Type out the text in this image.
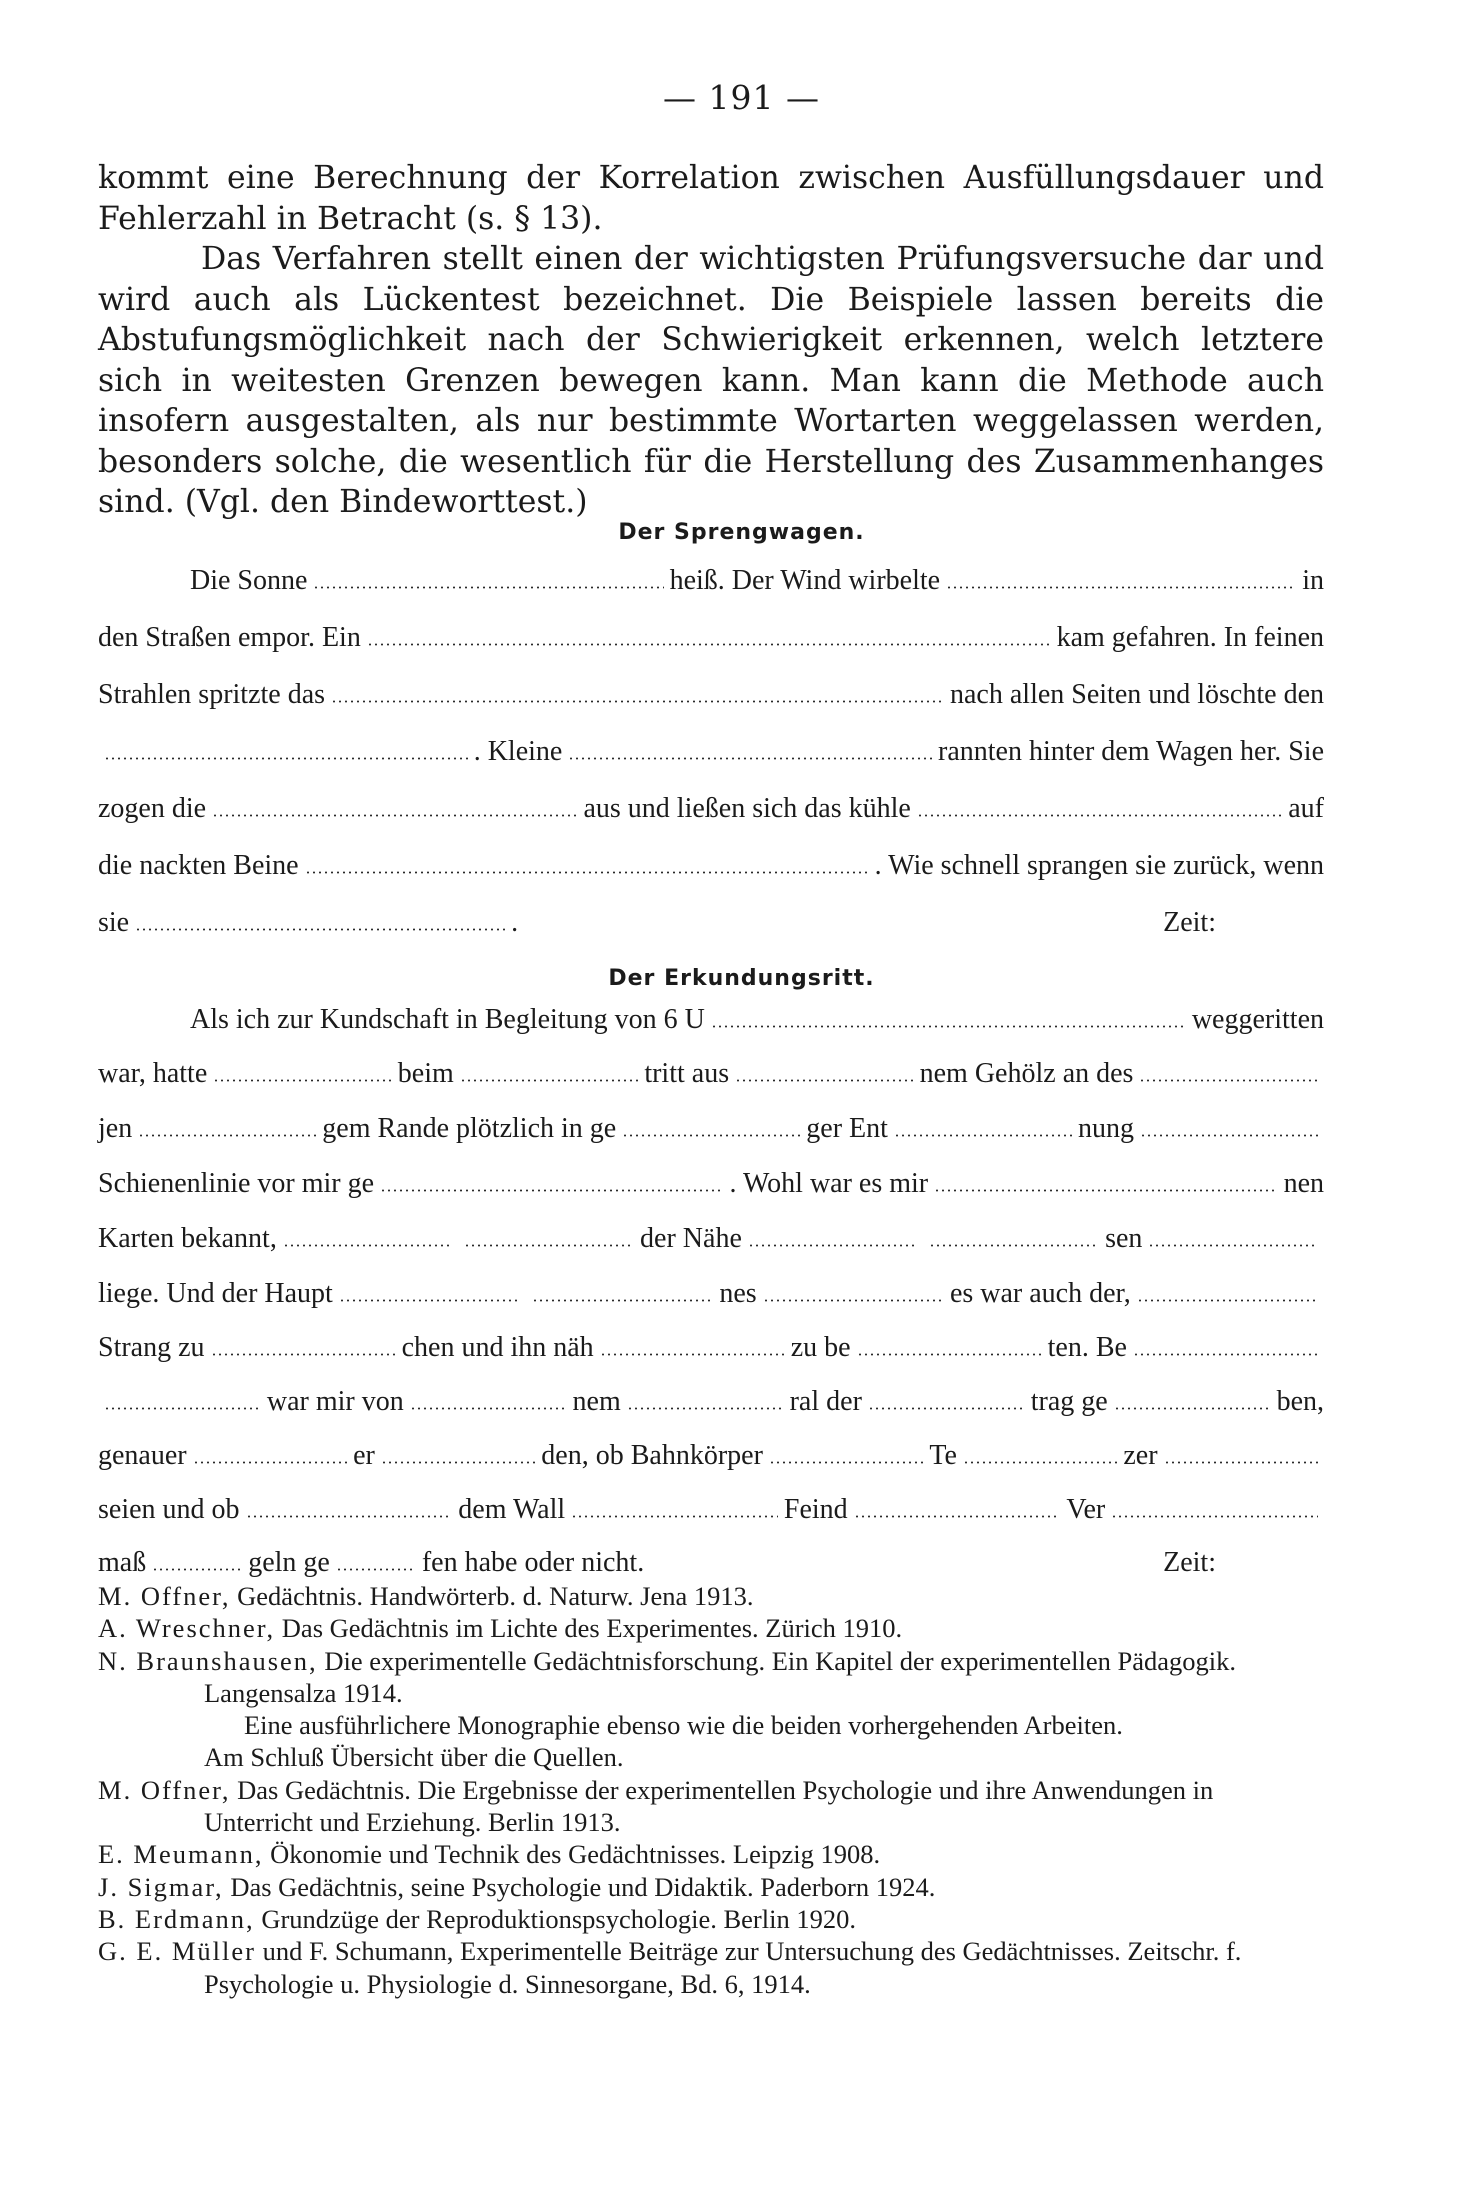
— 191 —

kommt eine Berechnung der Korrelation zwischen Ausfüllungsdauer und Fehlerzahl in Betracht (s. § 13).

Das Verfahren stellt einen der wichtigsten Prüfungsversuche dar und wird auch als Lückentest bezeichnet. Die Beispiele lassen bereits die Abstufungsmöglichkeit nach der Schwierigkeit erkennen, welch letztere sich in weitesten Grenzen bewegen kann. Man kann die Methode auch insofern ausgestalten, als nur bestimmte Wortarten weggelassen werden, besonders solche, die wesentlich für die Herstellung des Zusammenhanges sind. (Vgl. den Bindeworttest.)

Der Sprengwagen.
Die Sonne	heiß. Der Wind wirbelte	in
den Straßen empor. Ein	kam gefahren. In feinen
Strahlen spritzte das	nach allen Seiten und löschte den
. Kleine	rannten hinter dem Wagen her. Sie
zogen die	aus und ließen sich das kühle	auf
die nackten Beine	. Wie schnell sprangen sie zurück, wenn
sie	.	Zeit:
Der Erkundungsritt.
Als ich zur Kundschaft in Begleitung von 6 U	weggeritten
war, hatte	beim	tritt aus	nem Gehölz an des
jen	gem Rande plötzlich in ge	ger Ent	nung
Schienenlinie vor mir ge	. Wohl war es mir	nen
Karten bekannt,	der Nähe	sen
liege. Und der Haupt	nes	es war auch der,
Strang zu	chen und ihn näh	zu be	ten. Be
war mir von	nem	ral der	trag ge	ben,
genauer	er	den, ob Bahnkörper	Te	zer
seien und ob	dem Wall	Feind	Ver
maß	geln ge	fen habe oder nicht.	Zeit:

M. Offner, Gedächtnis. Handwörterb. d. Naturw. Jena 1913.

A. Wreschner, Das Gedächtnis im Lichte des Experimentes. Zürich 1910.

N. Braunshausen, Die experimentelle Gedächtnisforschung. Ein Kapitel der experimentellen Pädagogik. Langensalza 1914.

Eine ausführlichere Monographie ebenso wie die beiden vorhergehenden Arbeiten.
Am Schluß Übersicht über die Quellen.

M. Offner, Das Gedächtnis. Die Ergebnisse der experimentellen Psychologie und ihre Anwendungen in Unterricht und Erziehung. Berlin 1913.

E. Meumann, Ökonomie und Technik des Gedächtnisses. Leipzig 1908.

J. Sigmar, Das Gedächtnis, seine Psychologie und Didaktik. Paderborn 1924.

B. Erdmann, Grundzüge der Reproduktionspsychologie. Berlin 1920.

G. E. Müller und F. Schumann, Experimentelle Beiträge zur Untersuchung des Gedächtnisses. Zeitschr. f. Psychologie u. Physiologie d. Sinnesorgane, Bd. 6, 1914.
